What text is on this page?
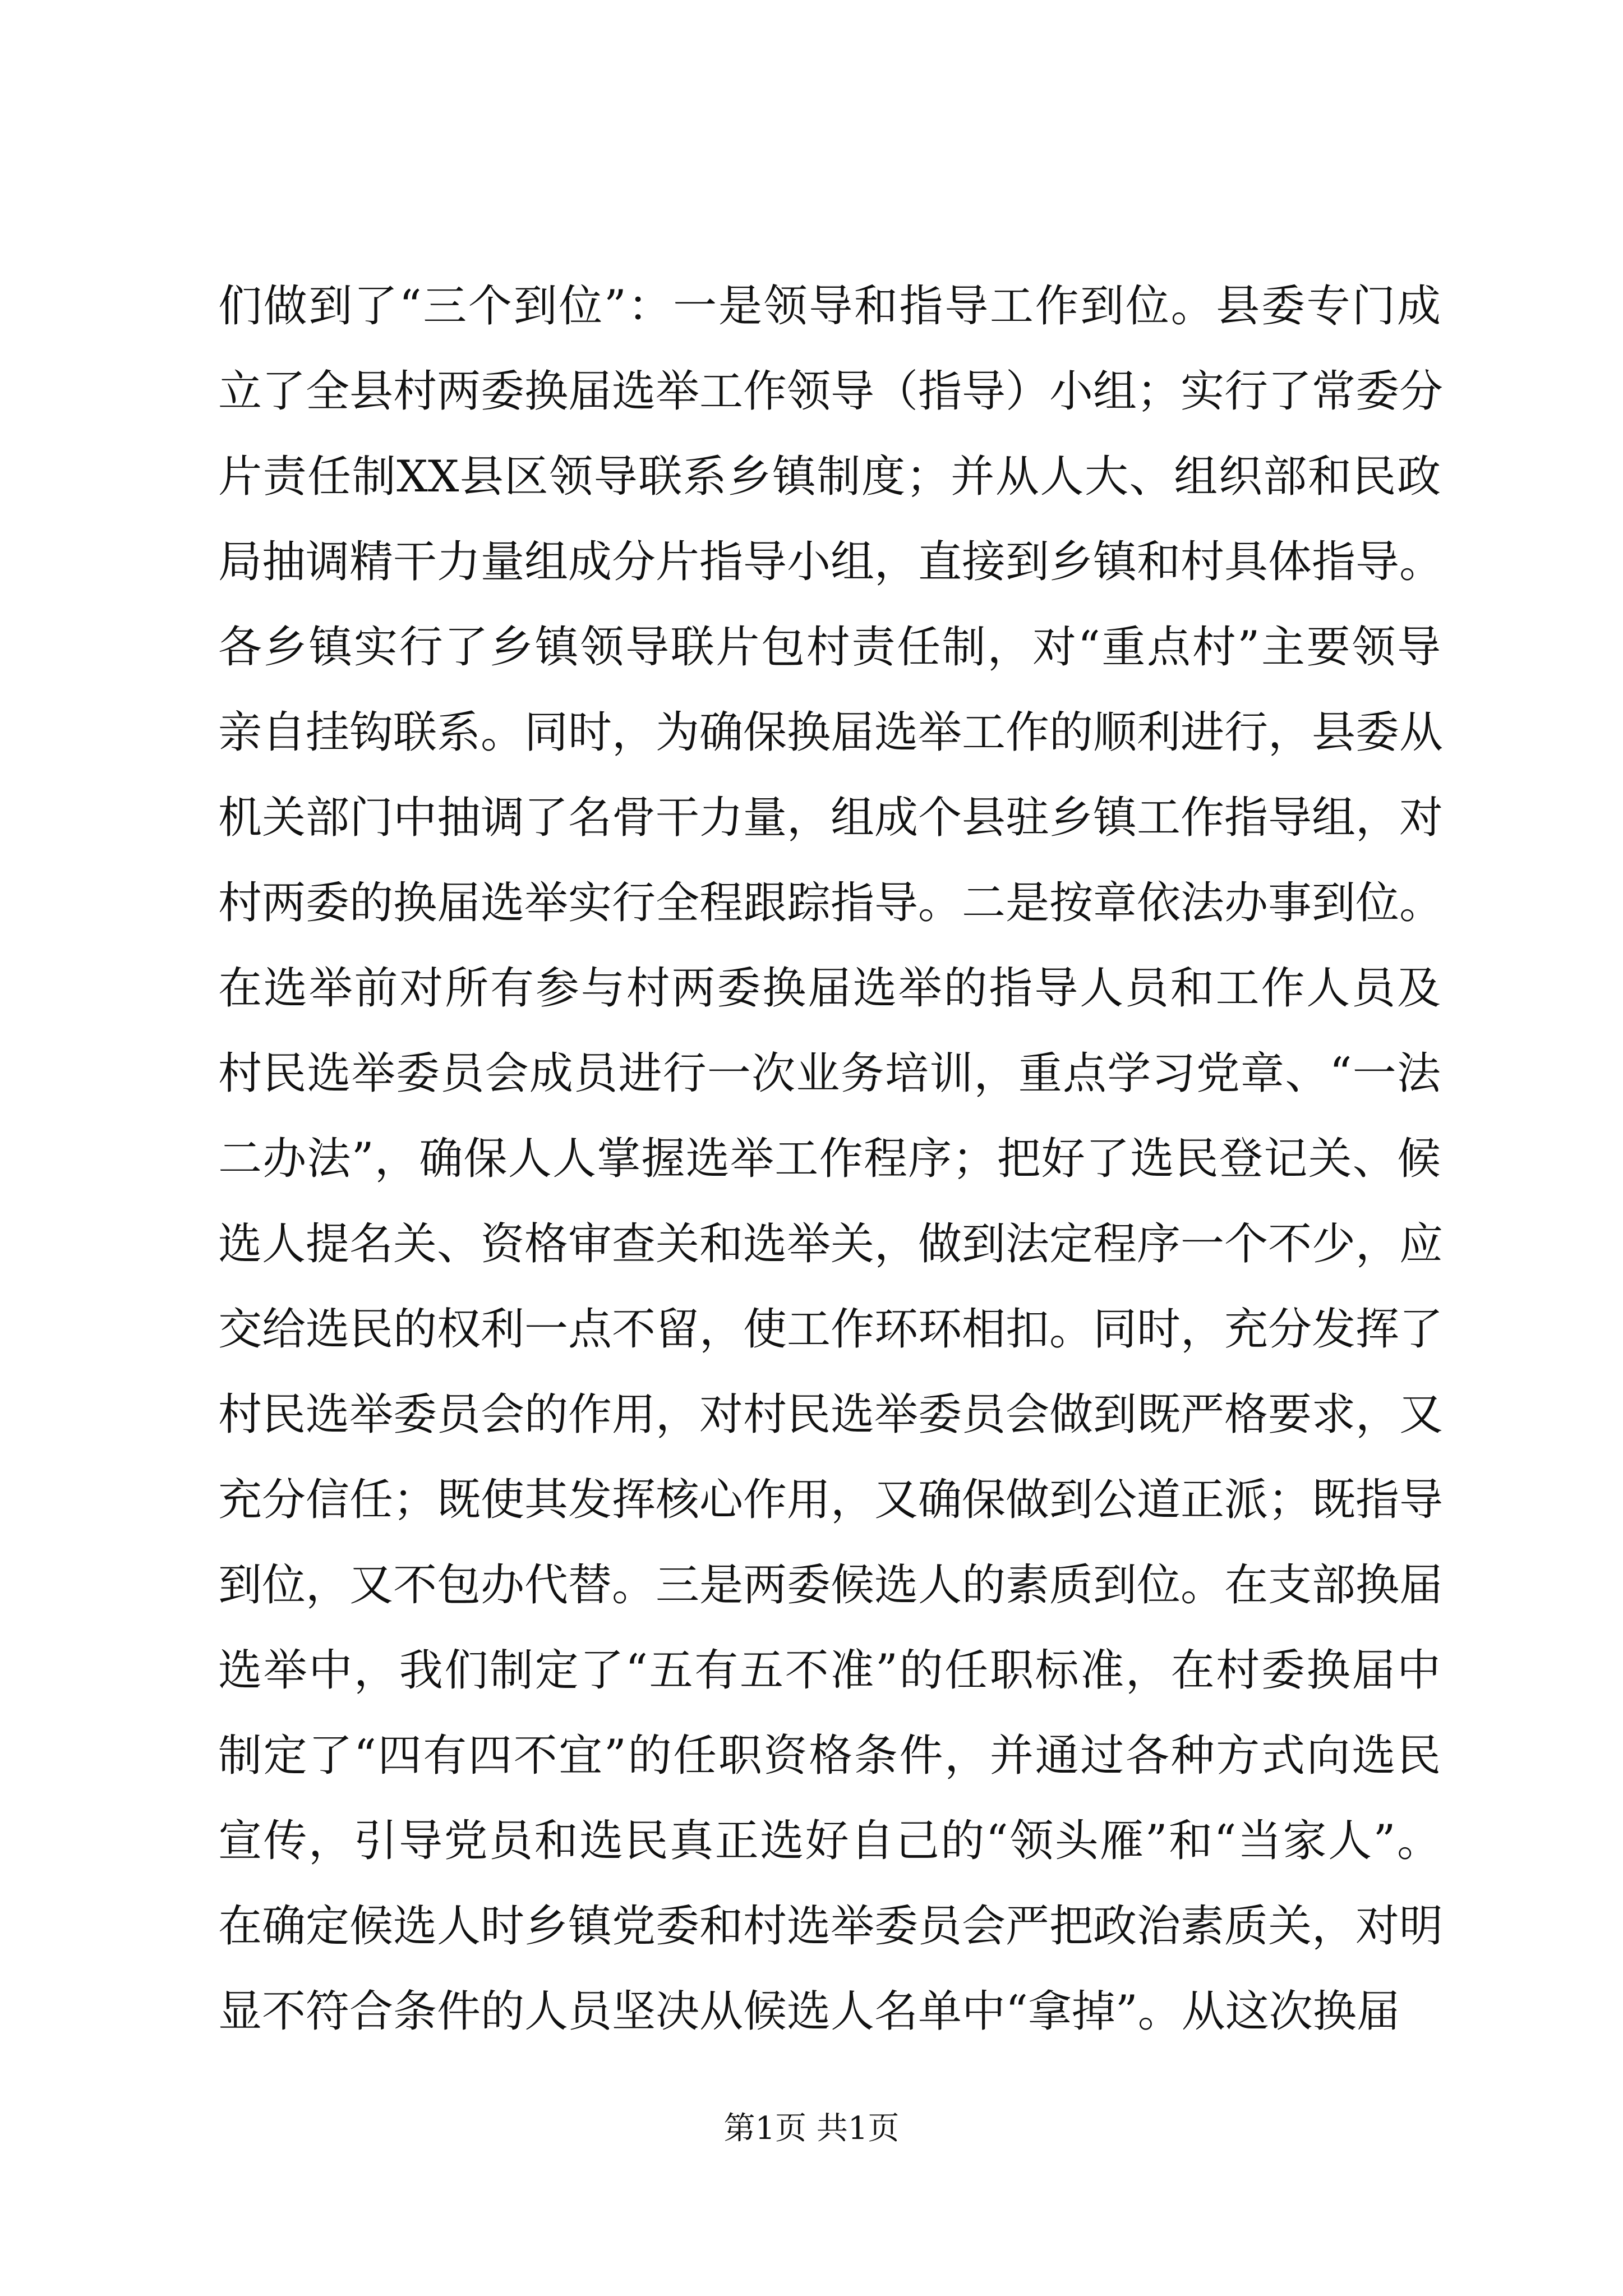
们做到了“三个到位”：一是领导和指导工作到位。县委专门成
立了全县村两委换届选举工作领导（指导）小组；实行了常委分
片责任制XX县区领导联系乡镇制度；并从人大、组织部和民政
局抽调精干力量组成分片指导小组，直接到乡镇和村具体指导。
各乡镇实行了乡镇领导联片包村责任制，对“重点村”主要领导
亲自挂钩联系。同时，为确保换届选举工作的顺利进行，县委从
机关部门中抽调了名骨干力量，组成个县驻乡镇工作指导组，对
村两委的换届选举实行全程跟踪指导。二是按章依法办事到位。
在选举前对所有参与村两委换届选举的指导人员和工作人员及
村民选举委员会成员进行一次业务培训，重点学习党章、“一法
二办法”，确保人人掌握选举工作程序；把好了选民登记关、候
选人提名关、资格审查关和选举关，做到法定程序一个不少，应
交给选民的权利一点不留，使工作环环相扣。同时，充分发挥了
村民选举委员会的作用，对村民选举委员会做到既严格要求，又
充分信任；既使其发挥核心作用，又确保做到公道正派；既指导
到位，又不包办代替。三是两委候选人的素质到位。在支部换届
选举中，我们制定了“五有五不准”的任职标准，在村委换届中
制定了“四有四不宜”的任职资格条件，并通过各种方式向选民
宣传，引导党员和选民真正选好自己的“领头雁”和“当家人”。
在确定候选人时乡镇党委和村选举委员会严把政治素质关，对明
显不符合条件的人员坚决从候选人名单中“拿掉”。从这次换届
第1页 共1页
